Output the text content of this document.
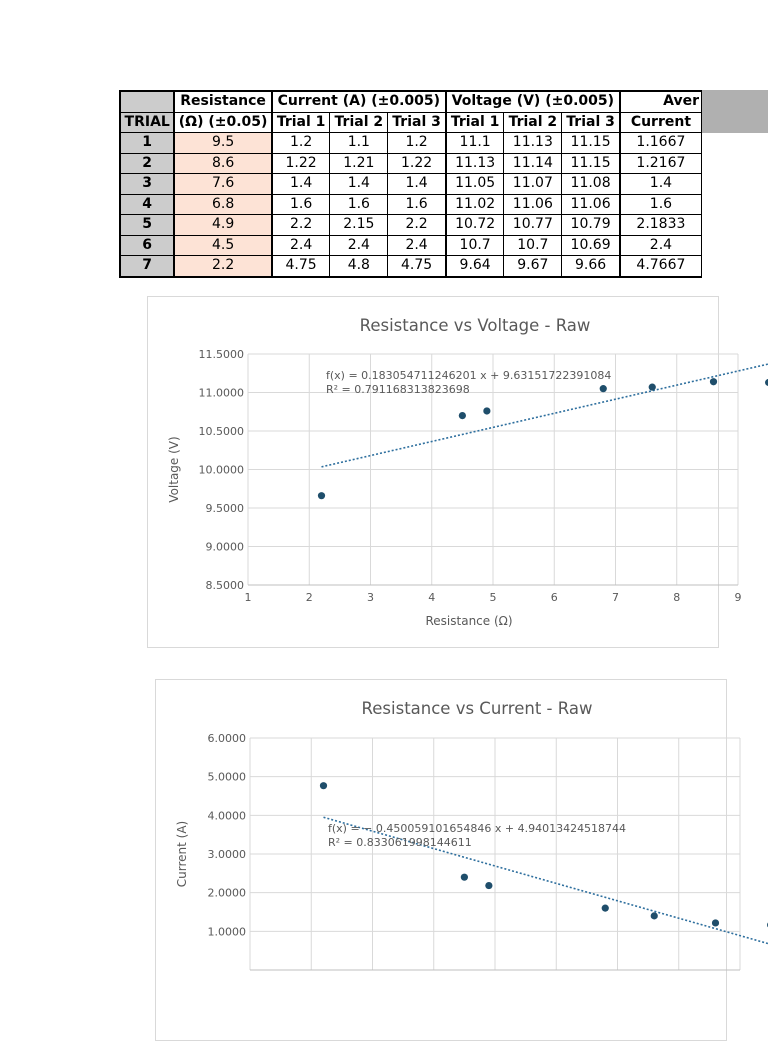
	Resistance	Current (A) (±0.005)			Voltage (V) (±0.005)			Aver
TRIAL	(Ω) (±0.05)	Trial 1	Trial 2	Trial 3	Trial 1	Trial 2	Trial 3	Current
1	9.5	1.2	1.1	1.2	11.1	11.13	11.15	1.1667
2	8.6	1.22	1.21	1.22	11.13	11.14	11.15	1.2167
3	7.6	1.4	1.4	1.4	11.05	11.07	11.08	1.4
4	6.8	1.6	1.6	1.6	11.02	11.06	11.06	1.6
5	4.9	2.2	2.15	2.2	10.72	10.77	10.79	2.1833
6	4.5	2.4	2.4	2.4	10.7	10.7	10.69	2.4
7	2.2	4.75	4.8	4.75	9.64	9.67	9.66	4.7667
Resistance vs Voltage - Raw
8.5000
9.0000
9.5000
10.0000
10.5000
11.0000
11.5000
1	2	3	4	5	6	7	8	9
Resistance (Ω)
Voltage (V)
f(x) = 0.183054711246201 x + 9.63151722391084
R² = 0.791168313823698
Resistance vs Current - Raw
1.0000
2.0000
3.0000
4.0000
5.0000
6.0000
Current (A)	f(x) = − 0.450059101654846 x + 4.94013424518744
R² = 0.833061998144611
